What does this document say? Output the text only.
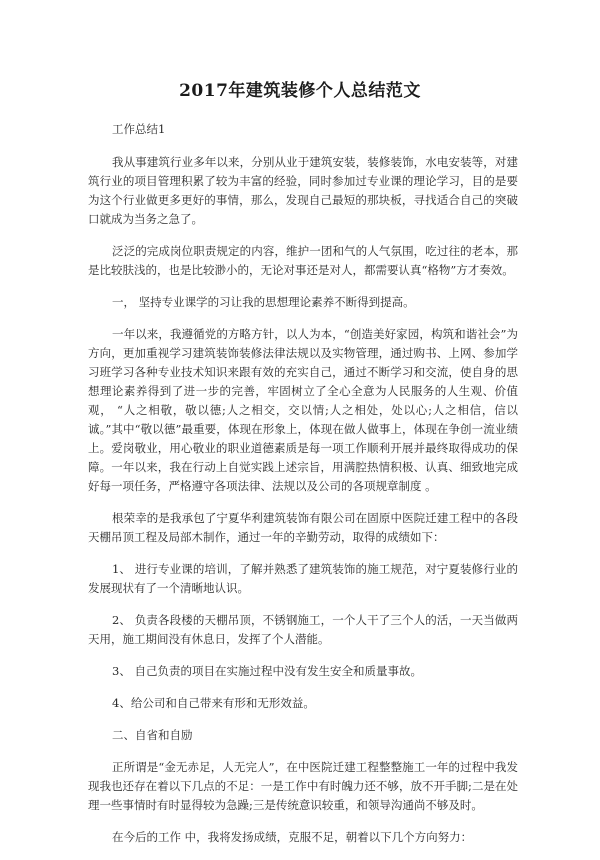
2017年建筑装修个人总结范文

工作总结1

我从事建筑行业多年以来，分别从业于建筑安装，装修装饰，水电安装等，对建筑行业的项目管理积累了较为丰富的经验，同时参加过专业课的理论学习，目的是要为这个行业做更多更好的事情，那么，发现自己最短的那块板，寻找适合自己的突破口就成为当务之急了。

泛泛的完成岗位职责规定的内容，维护一团和气的人气氛围，吃过往的老本，那是比较肤浅的，也是比较渺小的，无论对事还是对人，都需要认真“格物”方才奏效。

一， 坚持专业课学的习让我的思想理论素养不断得到提高。

一年以来，我遵循党的方略方针，以人为本，“创造美好家园，构筑和谐社会”为方向，更加重视学习建筑装饰装修法律法规以及实物管理，通过购书、上网、参加学习班学习各种专业技术知识来跟有效的充实自己，通过不断学习和交流，使自身的思想理论素养得到了进一步的完善，牢固树立了全心全意为人民服务的人生观、价值观， “人之相敬，敬以德;人之相交，交以情;人之相处，处以心;人之相信，信以诚。”其中“敬以德”最重要，体现在形象上，体现在做人做事上，体现在争创一流业绩上。爱岗敬业，用心敬业的职业道德素质是每一项工作顺利开展并最终取得成功的保障。一年以来，我在行动上自觉实践上述宗旨，用满腔热情积极、认真、细致地完成好每一项任务，严格遵守各项法律、法规以及公司的各项规章制度 。

根荣幸的是我承包了宁夏华利建筑装饰有限公司在固原中医院迁建工程中的各段天棚吊顶工程及局部木制作，通过一年的辛勤劳动，取得的成绩如下：

1、 进行专业课的培训，了解并熟悉了建筑装饰的施工规范，对宁夏装修行业的发展现状有了一个清晰地认识。

2、 负责各段楼的天棚吊顶，不锈钢施工，一个人干了三个人的活，一天当做两天用，施工期间没有休息日，发挥了个人潜能。

3、 自己负责的项目在实施过程中没有发生安全和质量事故。

4、给公司和自己带来有形和无形效益。

二、自省和自励

正所谓是“金无赤足，人无完人”，在中医院迁建工程整整施工一年的过程中我发现我也还存在着以下几点的不足：一是工作中有时魄力还不够，放不开手脚;二是在处理一些事情时有时显得较为急躁;三是传统意识较重，和领导沟通尚不够及时。

在今后的工作 中，我将发扬成绩，克服不足，朝着以下几个方向努力：
